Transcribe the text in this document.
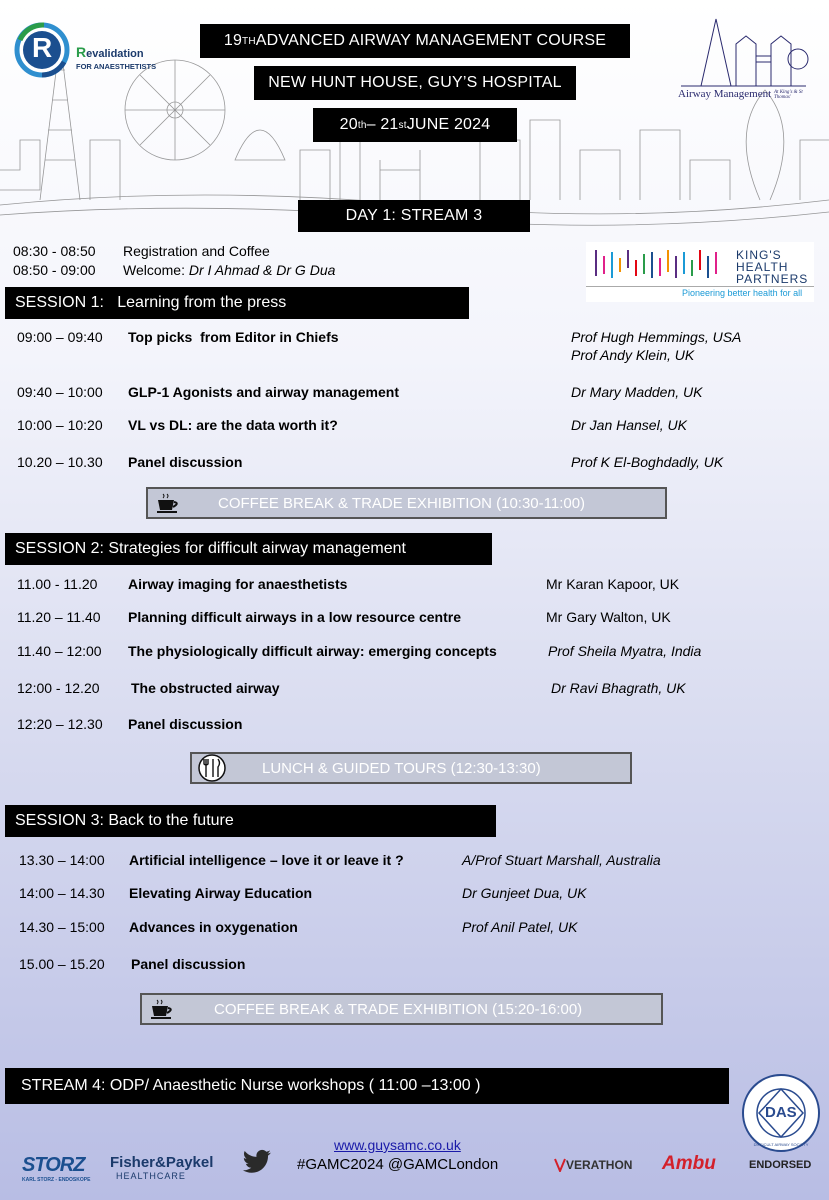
R Revalidation
FOR ANAESTHETISTS
Airway Management At King's & St Thomas'
19 TH ADVANCED AIRWAY MANAGEMENT COURSE
NEW HUNT HOUSE, GUY’S HOSPITAL
20 th – 21 st JUNE 2024
DAY 1: STREAM 3
08:30 - 08:50 Registration and Coffee
08:50 - 09:00 Welcome: Dr I Ahmad & Dr G Dua
KING'S
HEALTH
PARTNERS
Pioneering better health for all
SESSION 1:   Learning from the press
09:00 – 09:40 Top picks  from Editor in Chiefs	Prof Hugh Hemmings, USA
Prof Andy Klein, UK
09:40 – 10:00 GLP-1 Agonists and airway management	Dr Mary Madden, UK
10:00 – 10:20 VL vs DL: are the data worth it?	Dr Jan Hansel, UK
10.20 – 10.30 Panel discussion	Prof K El-Boghdadly, UK
COFFEE BREAK & TRADE EXHIBITION (10:30-11:00)
SESSION 2: Strategies for difficult airway management
11.00 - 11.20 Airway imaging for anaesthetists	Mr Karan Kapoor, UK
11.20 – 11.40 Planning difficult airways in a low resource centre	Mr Gary Walton, UK
11.40 – 12:00 The physiologically difficult airway: emerging concepts	Prof Sheila Myatra, India
12:00 - 12.20 The obstructed airway	Dr Ravi Bhagrath, UK
12:20 – 12.30 Panel discussion
LUNCH & GUIDED TOURS (12:30-13:30)
SESSION 3: Back to the future
13.30 – 14:00 Artificial intelligence – love it or leave it ?	A/Prof Stuart Marshall, Australia
14:00 – 14.30 Elevating Airway Education	Dr Gunjeet Dua, UK
14.30 – 15:00 Advances in oxygenation	Prof Anil Patel, UK
15.00 – 15.20 Panel discussion
COFFEE BREAK & TRADE EXHIBITION (15:20-16:00)
STREAM 4: ODP/ Anaesthetic Nurse workshops ( 11:00 –13:00 )
DAS
DIFFICULT AIRWAY SOCIETY
www.guysamc.co.uk
#GAMC2024 @GAMCLondon
STORZ
KARL STORZ - ENDOSKOPE
Fisher&Paykel
HEALTHCARE
VERATHON Ambu	ENDORSED
